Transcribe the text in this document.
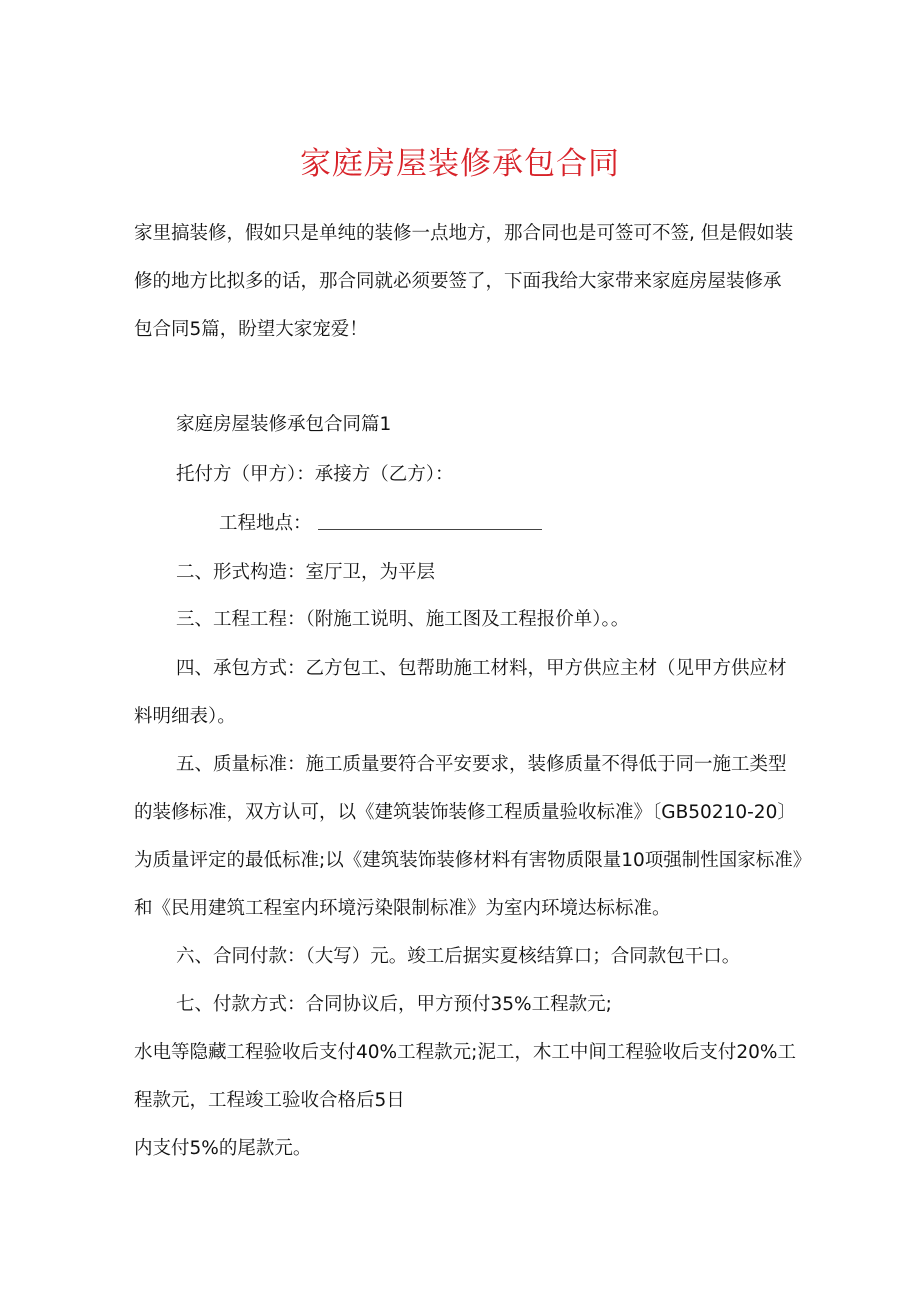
家庭房屋装修承包合同
家里搞装修，假如只是单纯的装修一点地方，那合同也是可签可不签, 但是假如装
修的地方比拟多的话，那合同就必须要签了，下面我给大家带来家庭房屋装修承
包合同5篇，盼望大家宠爱！
家庭房屋装修承包合同篇1
托付方（甲方）：承接方（乙方）：
工程地点：
二、形式构造：室厅卫，为平层
三、工程工程：（附施工说明、施工图及工程报价单）。。
四、承包方式：乙方包工、包帮助施工材料，甲方供应主材（见甲方供应材
料明细表）。
五、质量标准：施工质量要符合平安要求，装修质量不得低于同一施工类型
的装修标准，双方认可，以《建筑装饰装修工程质量验收标准》〔GB50210-20〕
为质量评定的最低标准;以《建筑装饰装修材料有害物质限量10项强制性国家标准》
和《民用建筑工程室内环境污染限制标准》为室内环境达标标准。
六、合同付款：（大写）元。竣工后据实夏核结算口；合同款包干口。
七、付款方式：合同协议后，甲方预付35%工程款元;
水电等隐藏工程验收后支付40%工程款元;泥工，木工中间工程验收后支付20%工
程款元，工程竣工验收合格后5日
内支付5%的尾款元。
